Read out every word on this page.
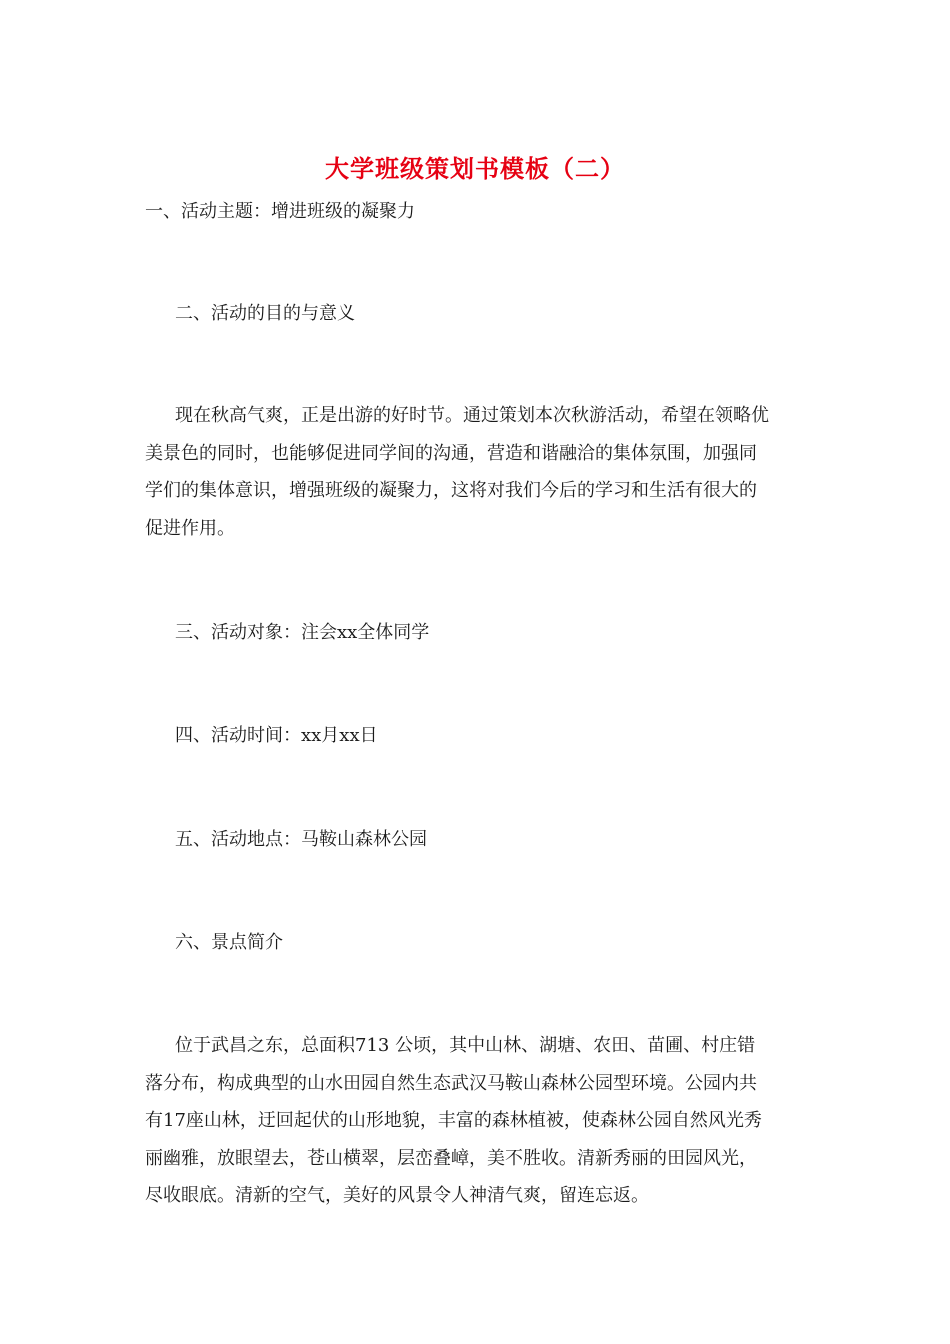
大学班级策划书模板（二）
一、活动主题：增进班级的凝聚力
二、活动的目的与意义
现在秋高气爽，正是出游的好时节。通过策划本次秋游活动，希望在领略优
美景色的同时，也能够促进同学间的沟通，营造和谐融洽的集体氛围，加强同
学们的集体意识，增强班级的凝聚力，这将对我们今后的学习和生活有很大的
促进作用。
三、活动对象：注会xx全体同学
四、活动时间：xx月xx日
五、活动地点：马鞍山森林公园
六、景点简介
位于武昌之东，总面积713 公顷，其中山林、湖塘、农田、苗圃、村庄错
落分布，构成典型的山水田园自然生态武汉马鞍山森林公园型环境。公园内共
有17座山林，迂回起伏的山形地貌，丰富的森林植被，使森林公园自然风光秀
丽幽雅，放眼望去，苍山横翠，层峦叠嶂，美不胜收。清新秀丽的田园风光，
尽收眼底。清新的空气，美好的风景令人神清气爽，留连忘返。
